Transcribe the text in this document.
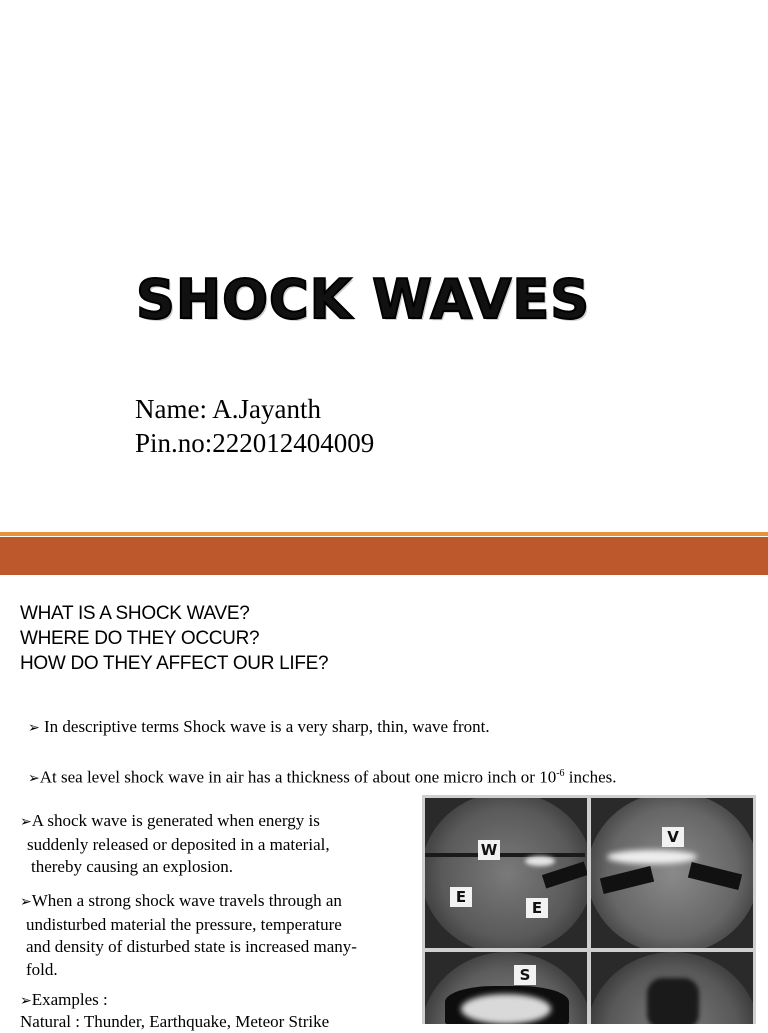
SHOCK WAVES
Name: A.Jayanth
Pin.no:222012404009
WHAT IS A SHOCK WAVE?
WHERE DO THEY OCCUR?
HOW DO THEY AFFECT OUR LIFE?
➢ In descriptive terms Shock wave is a very sharp, thin, wave front.
➢At sea level shock wave in air has a thickness of about one micro inch or $10^{-6}$ inches.
➢A shock wave is generated when energy is
suddenly released or deposited in a material,
thereby causing an explosion.
➢When a strong shock wave travels through an
undisturbed material the pressure, temperature
and density of disturbed state is increased many-
fold.
➢Examples :
Natural : Thunder, Earthquake, Meteor Strike
W
E
E
V
S
